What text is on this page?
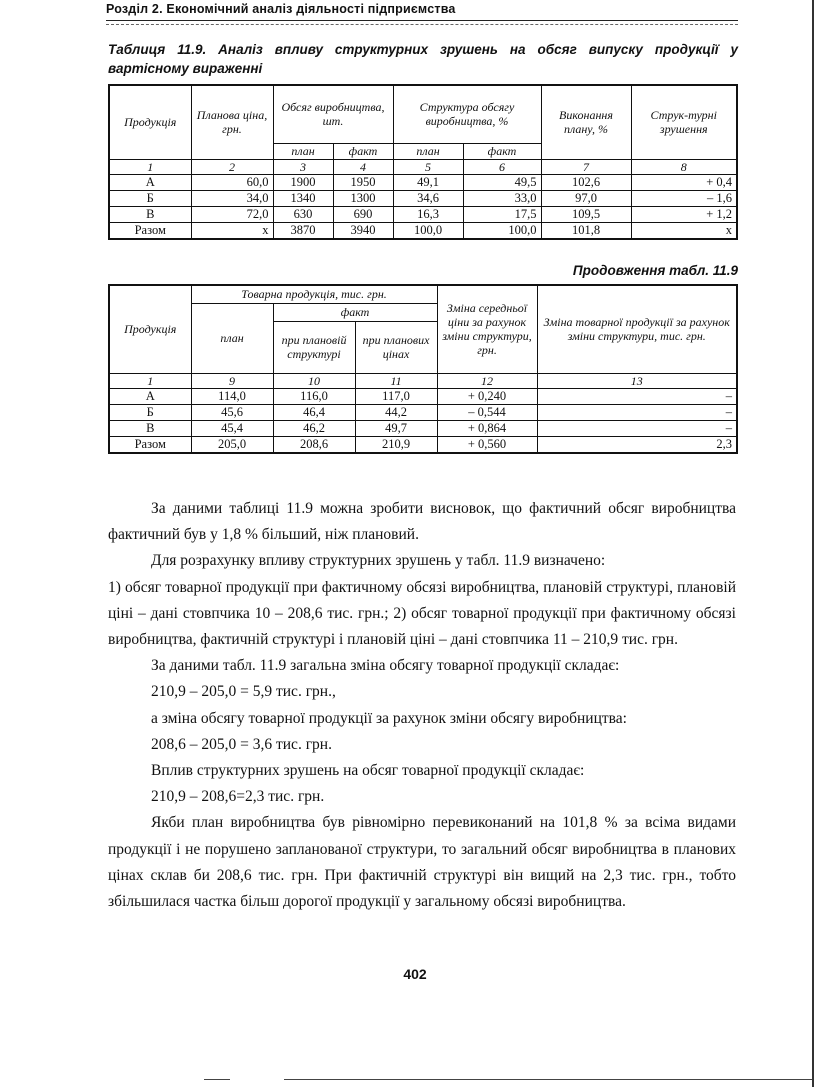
Розділ 2. Економічний аналіз діяльності підприємства
Таблиця 11.9. Аналіз впливу структурних зрушень на обсяг випуску продукції у вартісному вираженні
Продукція	Планова ціна, грн.	Обсяг виробництва, шт.		Структура обсягу виробництва, %		Виконання плану, %	Струк-турні зрушення
		план	факт	план	факт		
1	2	3	4	5	6	7	8
А	60,0	1900	1950	49,1	49,5	102,6	+ 0,4
Б	34,0	1340	1300	34,6	33,0	97,0	– 1,6
В	72,0	630	690	16,3	17,5	109,5	+ 1,2
Разом	х	3870	3940	100,0	100,0	101,8	х
Продовження табл. 11.9
Продукція	Товарна продукція, тис. грн.			Зміна середньої ціни за рахунок зміни структури, грн.	Зміна товарної продукції за рахунок зміни структури, тис. грн.
	план	факт			
		при плановій структурі	при планових цінах		
1	9	10	11	12	13
А	114,0	116,0	117,0	+ 0,240	–
Б	45,6	46,4	44,2	– 0,544	–
В	45,4	46,2	49,7	+ 0,864	–
Разом	205,0	208,6	210,9	+ 0,560	2,3

За даними таблиці 11.9 можна зробити висновок, що фактичний обсяг виробництва фактичний був у 1,8 % більший, ніж плановий.

Для розрахунку впливу структурних зрушень у табл. 11.9 визначено:

1) обсяг товарної продукції при фактичному обсязі виробництва, плановій структурі, плановій ціні – дані стовпчика 10 – 208,6 тис. грн.; 2) обсяг товарної продукції при фактичному обсязі виробництва, фактичній структурі і плановій ціні – дані стовпчика 11 – 210,9 тис. грн.

За даними табл. 11.9 загальна зміна обсягу товарної продукції складає:

210,9 – 205,0 = 5,9 тис. грн.,

а зміна обсягу товарної продукції за рахунок зміни обсягу виробництва:

208,6 – 205,0 = 3,6 тис. грн.

Вплив структурних зрушень на обсяг товарної продукції складає:

210,9 – 208,6=2,3 тис. грн.

Якби план виробництва був рівномірно перевиконаний на 101,8 % за всіма видами продукції і не порушено запланованої структури, то загальний обсяг виробництва в планових цінах склав би 208,6 тис. грн. При фактичній структурі він вищий на 2,3 тис. грн., тобто збільшилася частка більш дорогої продукції у загальному обсязі виробництва.

402
